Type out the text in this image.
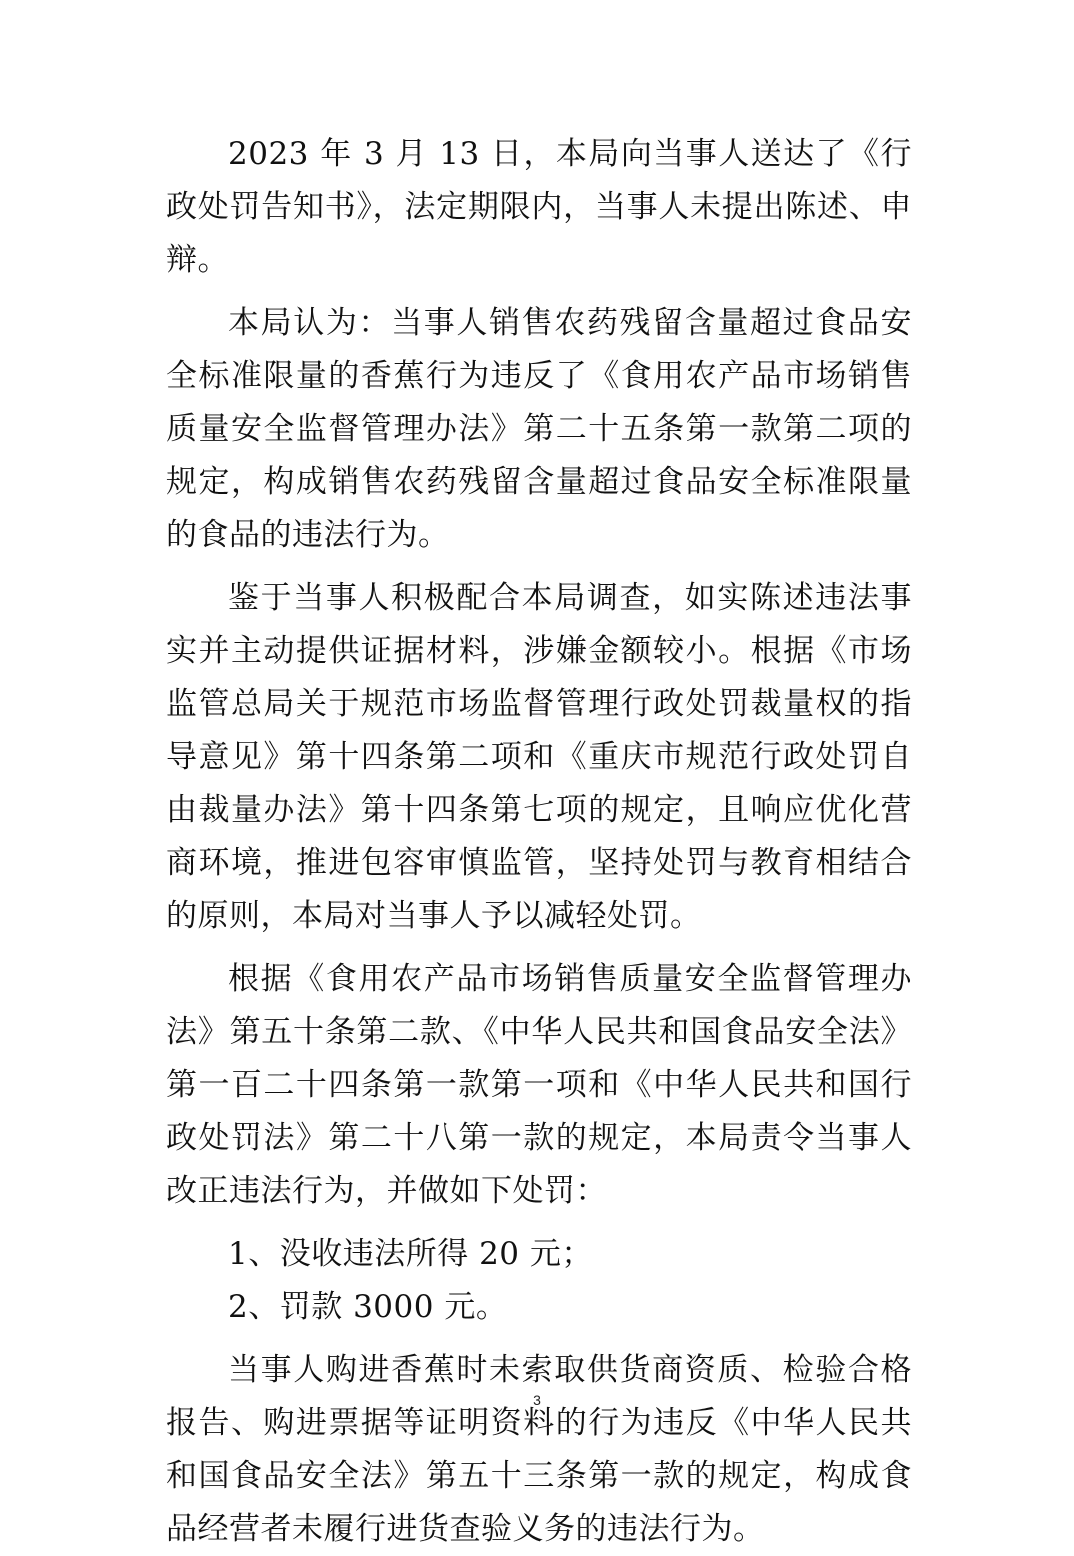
2023 年 3 月 13 日，本局向当事人送达了《行政处罚告知书》，法定期限内，当事人未提出陈述、申辩。

本局认为：当事人销售农药残留含量超过食品安全标准限量的香蕉行为违反了《食用农产品市场销售质量安全监督管理办法》第二十五条第一款第二项的规定，构成销售农药残留含量超过食品安全标准限量的食品的违法行为。

鉴于当事人积极配合本局调查，如实陈述违法事实并主动提供证据材料，涉嫌金额较小。根据《市场监管总局关于规范市场监督管理行政处罚裁量权的指导意见》第十四条第二项和《重庆市规范行政处罚自由裁量办法》第十四条第七项的规定，且响应优化营商环境，推进包容审慎监管，坚持处罚与教育相结合的原则，本局对当事人予以减轻处罚。

根据《食用农产品市场销售质量安全监督管理办法》第五十条第二款、《中华人民共和国食品安全法》第一百二十四条第一款第一项和《中华人民共和国行政处罚法》第二十八第一款的规定，本局责令当事人改正违法行为，并做如下处罚：

1、没收违法所得 20 元；

2、罚款 3000 元。

当事人购进香蕉时未索取供货商资质、检验合格报告、购进票据等证明资料的行为违反《中华人民共和国食品安全法》第五十三条第一款的规定，构成食品经营者未履行进货查验义务的违法行为。

3
